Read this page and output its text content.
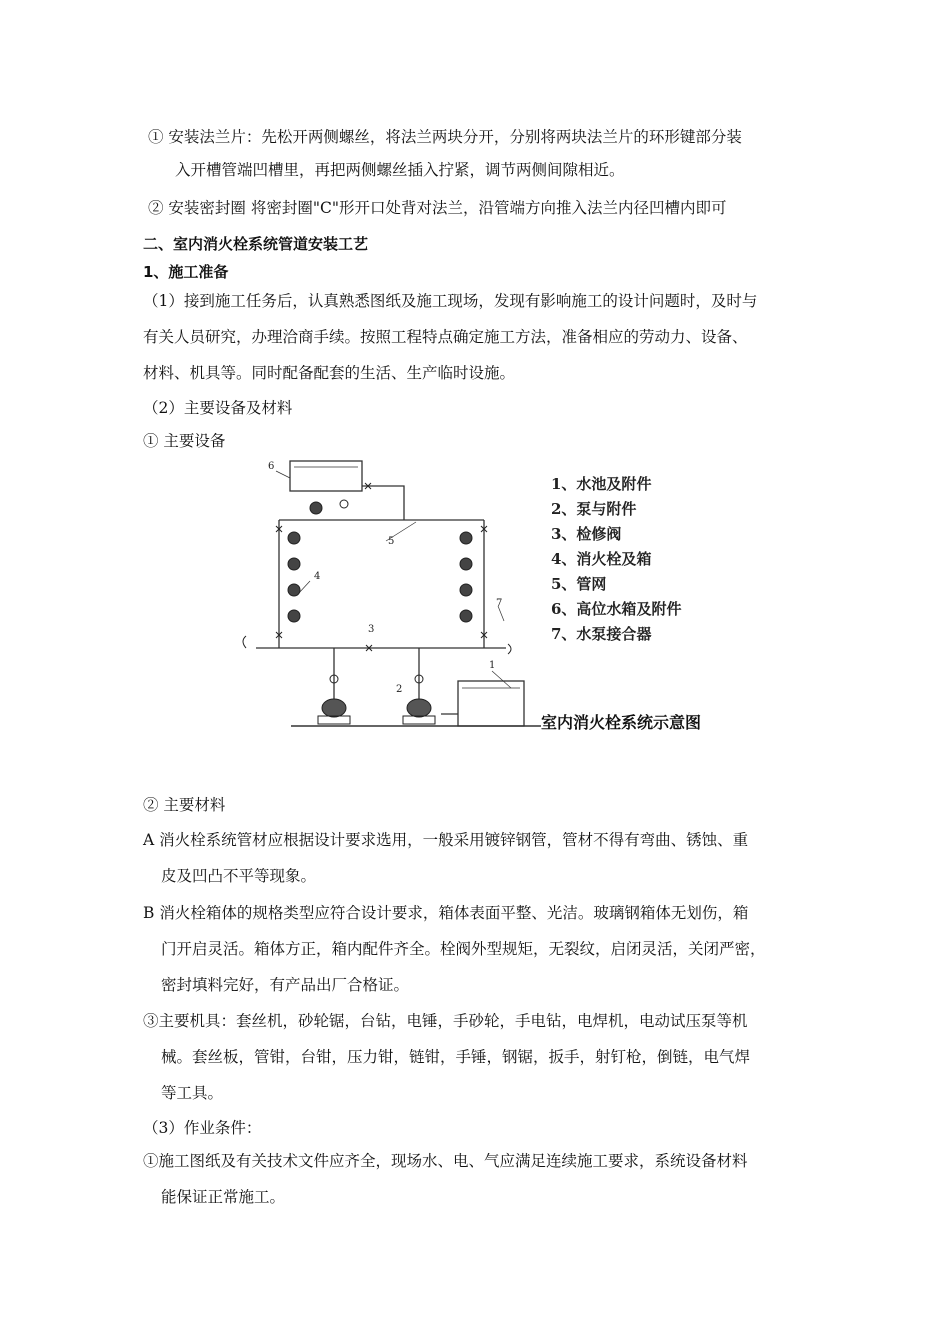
① 安装法兰片：先松开两侧螺丝，将法兰两块分开，分别将两块法兰片的环形键部分装
入开槽管端凹槽里，再把两侧螺丝插入拧紧，调节两侧间隙相近。
② 安装密封圈 将密封圈"C"形开口处背对法兰，沿管端方向推入法兰内径凹槽内即可
二、室内消火栓系统管道安装工艺
1、施工准备
（1）接到施工任务后，认真熟悉图纸及施工现场，发现有影响施工的设计问题时，及时与
有关人员研究，办理洽商手续。按照工程特点确定施工方法，准备相应的劳动力、设备、
材料、机具等。同时配备配套的生活、生产临时设施。
（2）主要设备及材料
① 主要设备
6
4
5
3
2
1
7
1、水池及附件
2、泵与附件
3、检修阀
4、消火栓及箱
5、管网
6、高位水箱及附件
7、水泵接合器
室内消火栓系统示意图
② 主要材料
A 消火栓系统管材应根据设计要求选用，一般采用镀锌钢管，管材不得有弯曲、锈蚀、重
皮及凹凸不平等现象。
B 消火栓箱体的规格类型应符合设计要求，箱体表面平整、光洁。玻璃钢箱体无划伤，箱
门开启灵活。箱体方正，箱内配件齐全。栓阀外型规矩，无裂纹，启闭灵活，关闭严密，
密封填料完好，有产品出厂合格证。
③主要机具：套丝机，砂轮锯，台钻，电锤，手砂轮，手电钻，电焊机，电动试压泵等机
械。套丝板，管钳，台钳，压力钳，链钳，手锤，钢锯，扳手，射钉枪，倒链，电气焊
等工具。
（3）作业条件：
①施工图纸及有关技术文件应齐全，现场水、电、气应满足连续施工要求，系统设备材料
能保证正常施工。
